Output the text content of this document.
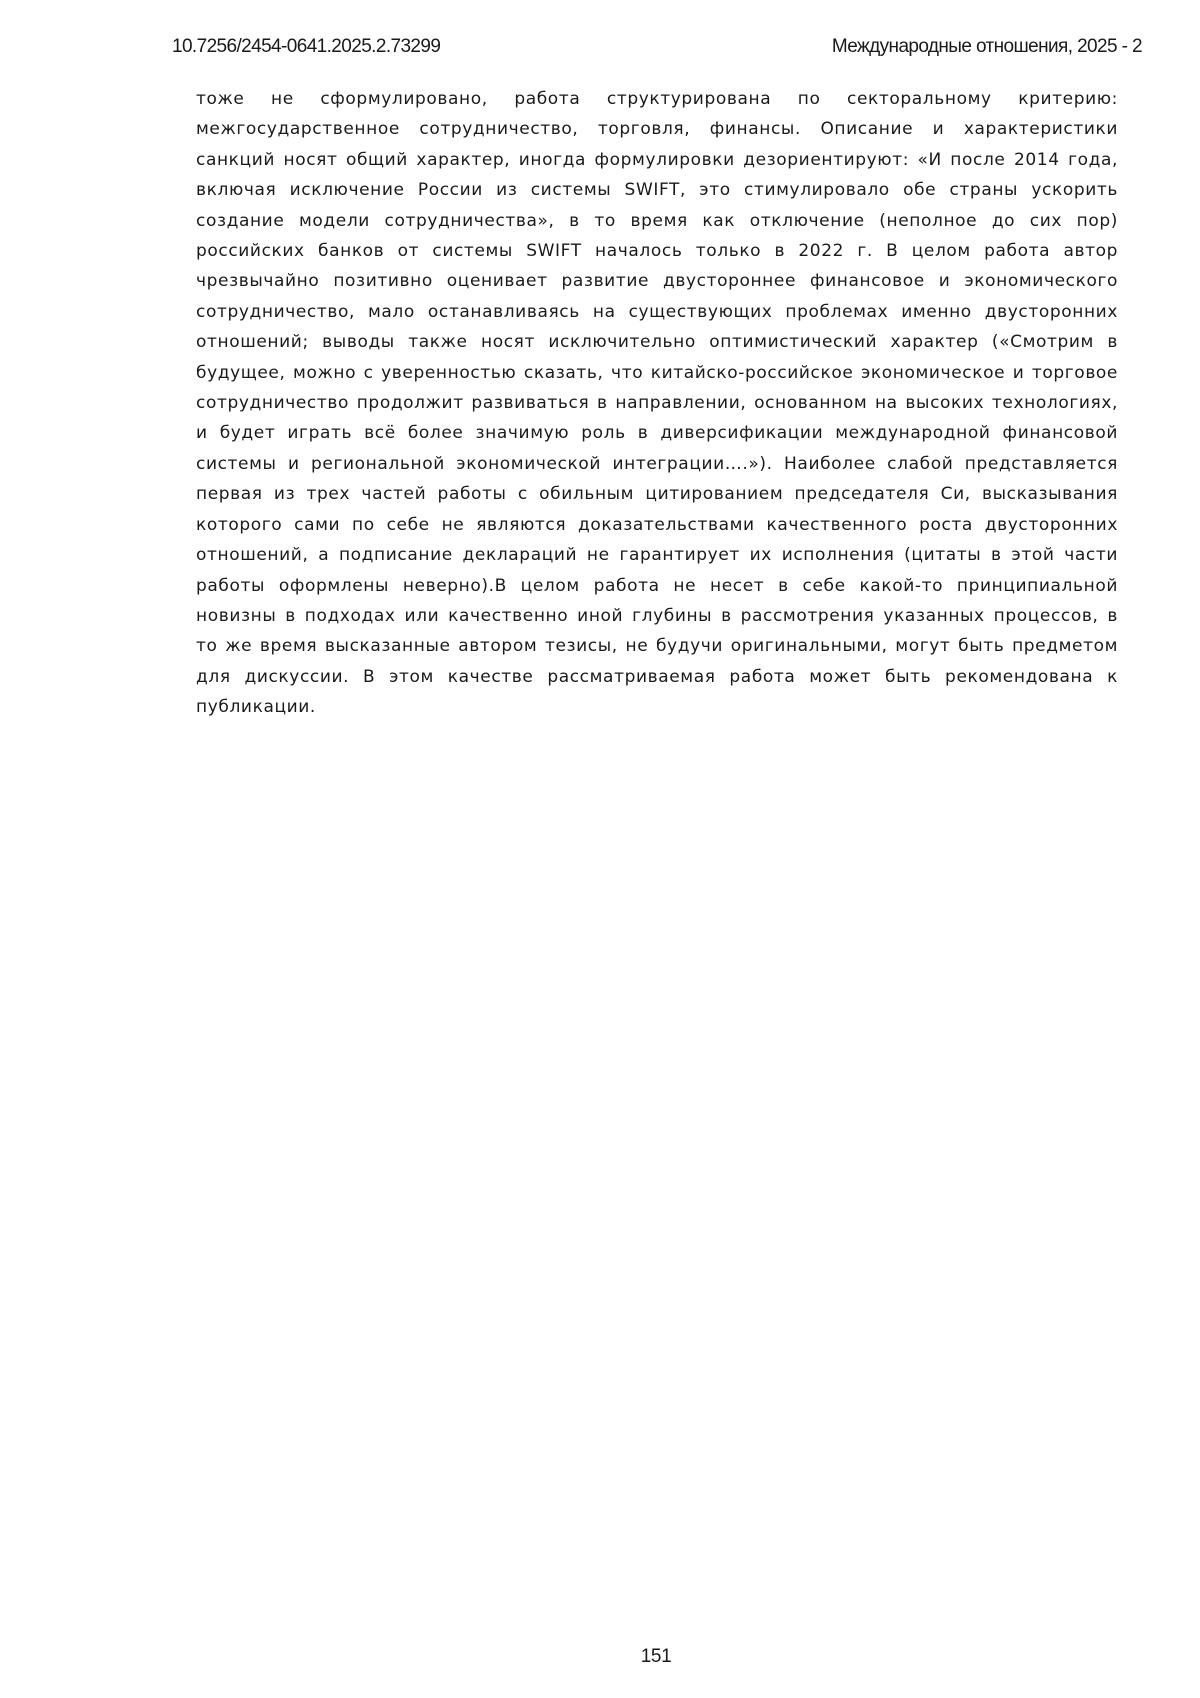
10.7256/2454-0641.2025.2.73299	Международные отношения, 2025 - 2

тоже не сформулировано, работа структурирована по секторальному критерию: межгосударственное сотрудничество, торговля, финансы. Описание и характеристики санкций носят общий характер, иногда формулировки дезориентируют: «И после 2014 года, включая исключение России из системы SWIFT, это стимулировало обе страны ускорить создание модели сотрудничества», в то время как отключение (неполное до сих пор) российских банков от системы SWIFT началось только в 2022 г. В целом работа автор чрезвычайно позитивно оценивает развитие двустороннее финансовое и экономического сотрудничество, мало останавливаясь на существующих проблемах именно двусторонних отношений; выводы также носят исключительно оптимистический характер («Смотрим в будущее, можно с уверенностью сказать, что китайско-российское экономическое и торговое сотрудничество продолжит развиваться в направлении, основанном на высоких технологиях, и будет играть всё более значимую роль в диверсификации международной финансовой системы и региональной экономической интеграции….»). Наиболее слабой представляется первая из трех частей работы с обильным цитированием председателя Си, высказывания которого сами по себе не являются доказательствами качественного роста двусторонних отношений, а подписание деклараций не гарантирует их исполнения (цитаты в этой части работы оформлены неверно).В целом работа не несет в себе какой-то принципиальной новизны в подходах или качественно иной глубины в рассмотрения указанных процессов, в то же время высказанные автором тезисы, не будучи оригинальными, могут быть предметом для дискуссии. В этом качестве рассматриваемая работа может быть рекомендована к публикации.

151
